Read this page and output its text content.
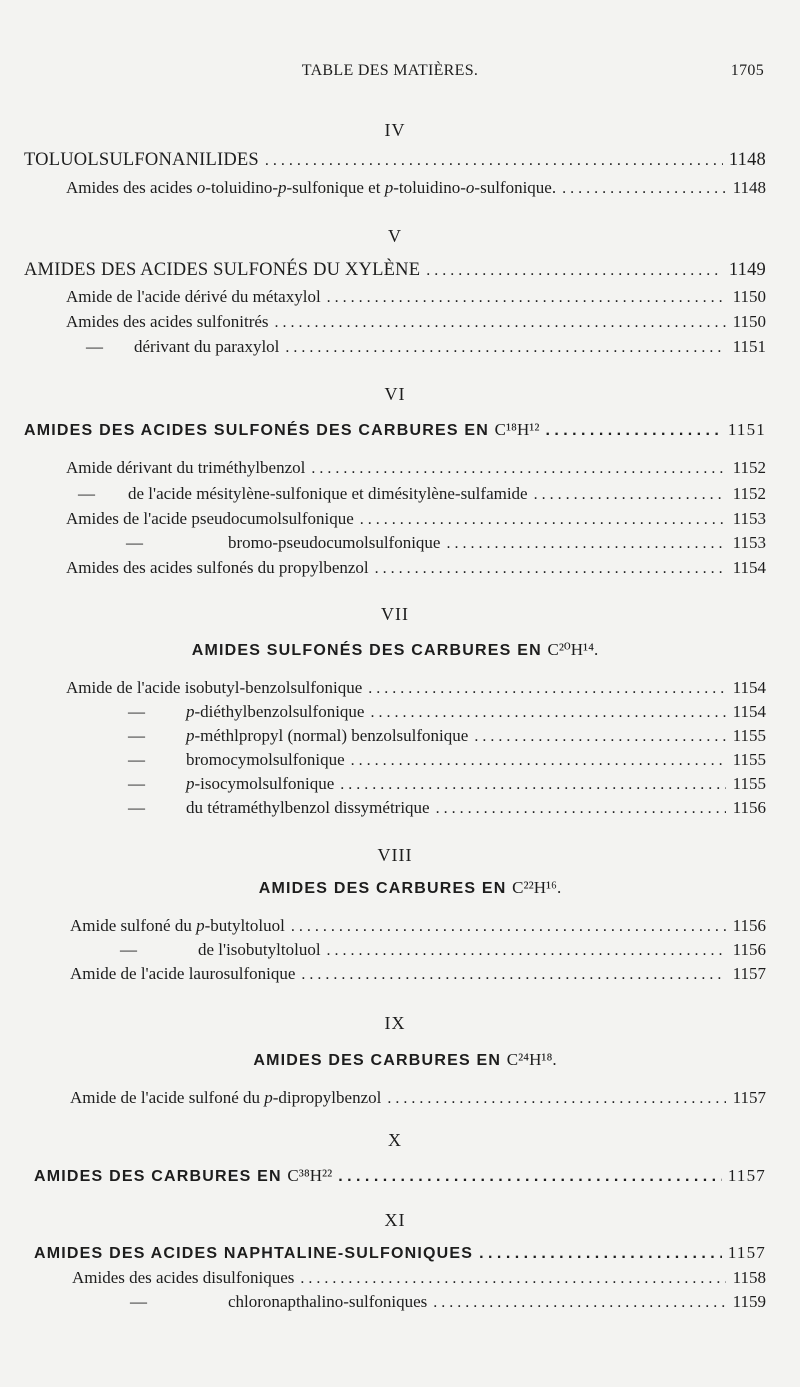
TABLE DES MATIÈRES.	1705
IV
TOLUOLSULFONANILIDES . . .	1148
Amides des acides o-toluidino-p-sulfonique et p-toluidino-o-sulfonique. . . .	1148
V
AMIDES DES ACIDES SULFONÉS DU XYLÈNE . . .	1149
Amide de l'acide dérivé du métaxylol . . .	1150
Amides des acides sulfonitrés . . .	1150
—	dérivant du paraxylol . . .	1151
VI
AMIDES DES ACIDES SULFONÉS DES CARBURES EN C¹⁸H¹² . . .	1151
Amide dérivant du triméthylbenzol . . .	1152
—	de l'acide mésitylène-sulfonique et dimésitylène-sulfamide . . .	1152
Amides de l'acide pseudocumolsulfonique . . .	1153
—	bromo-pseudocumolsulfonique . . .	1153
Amides des acides sulfonés du propylbenzol . . .	1154
VII
AMIDES SULFONÉS DES CARBURES EN C²⁰H¹⁴.
Amide de l'acide isobutyl-benzolsulfonique . . .	1154
—	p-diéthylbenzolsulfonique . . .	1154
—	p-méthlpropyl (normal) benzolsulfonique . . .	1155
—	bromocymolsulfonique . . .	1155
—	p-isocymolsulfonique . . .	1155
—	du tétraméthylbenzol dissymétrique . . .	1156
VIII
AMIDES DES CARBURES EN C²²H¹⁶.
Amide sulfoné du p-butyltoluol . . .	1156
—	de l'isobutyltoluol . . .	1156
Amide de l'acide laurosulfonique . . .	1157
IX
AMIDES DES CARBURES EN C²⁴H¹⁸.
Amide de l'acide sulfoné du p-dipropylbenzol . . .	1157
X
AMIDES DES CARBURES EN C³⁸H²² . . .	1157
XI
AMIDES DES ACIDES NAPHTALINE-SULFONIQUES . . .	1157
Amides des acides disulfoniques . . .	1158
—	chloronapthalino-sulfoniques . . .	1159
